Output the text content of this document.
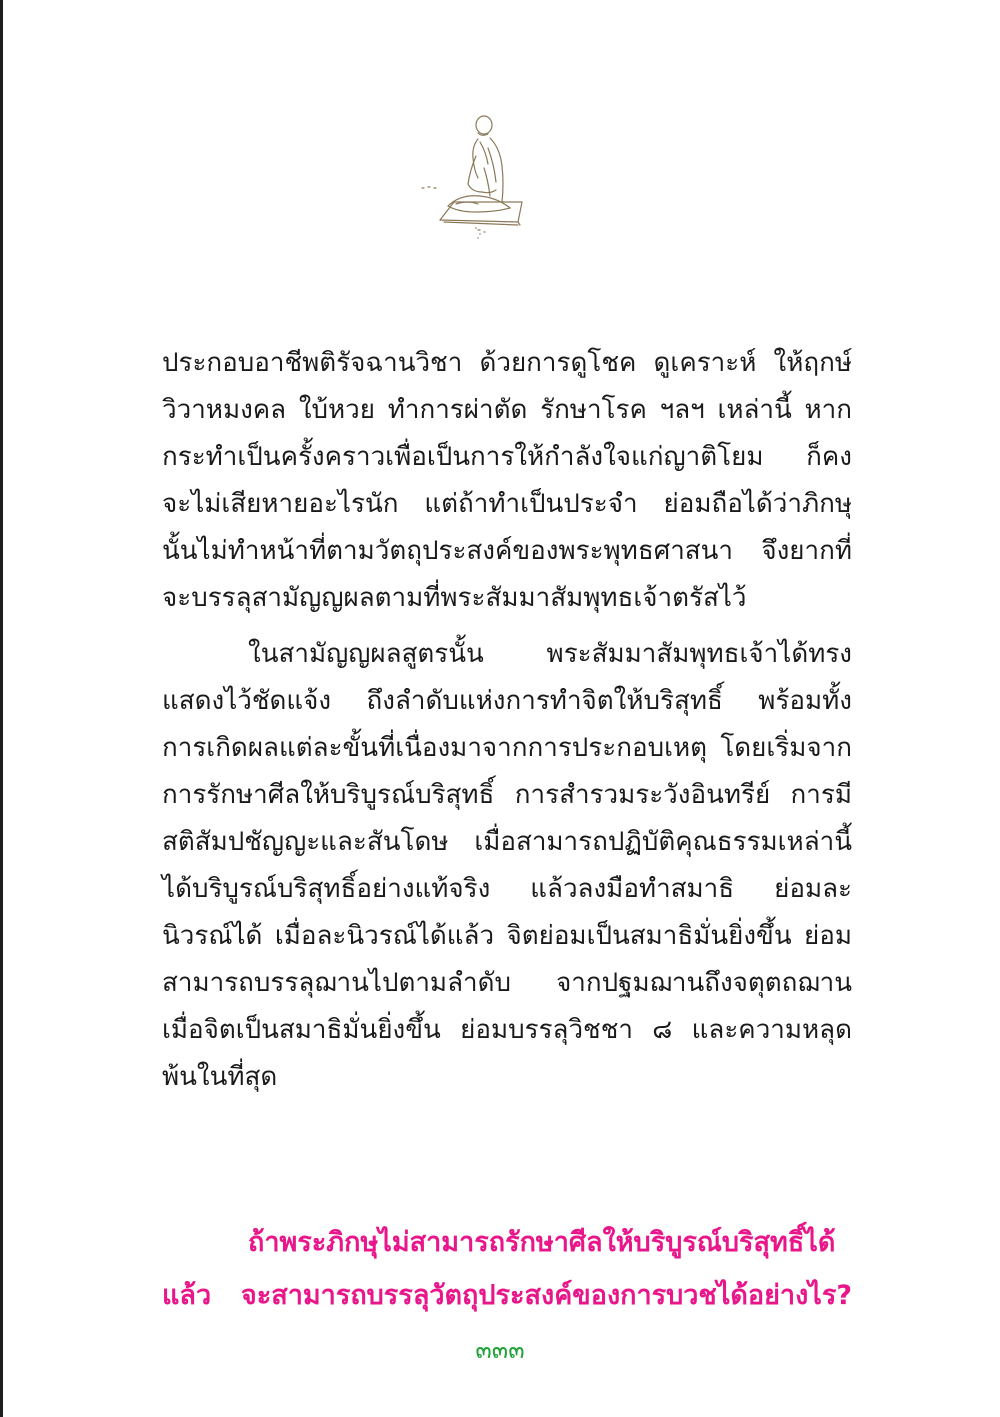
ประกอบอาชีพติรัจฉานวิชา ด้วยการดูโชค ดูเคราะห์ ให้ฤกษ์
วิวาหมงคล ใบ้หวย ทำการผ่าตัด รักษาโรค ฯลฯ เหล่านี้ หาก
กระทำเป็นครั้งคราวเพื่อเป็นการให้กำลังใจแก่ญาติโยม ก็คง
จะไม่เสียหายอะไรนัก แต่ถ้าทำเป็นประจำ ย่อมถือได้ว่าภิกษุ
นั้นไม่ทำหน้าที่ตามวัตถุประสงค์ของพระพุทธศาสนา จึงยากที่
จะบรรลุสามัญญผลตามที่พระสัมมาสัมพุทธเจ้าตรัสไว้

ในสามัญญผลสูตรนั้น พระสัมมาสัมพุทธเจ้าได้ทรง
แสดงไว้ชัดแจ้ง ถึงลำดับแห่งการทำจิตให้บริสุทธิ์ พร้อมทั้ง
การเกิดผลแต่ละขั้นที่เนื่องมาจากการประกอบเหตุ โดยเริ่มจาก
การรักษาศีลให้บริบูรณ์บริสุทธิ์ การสำรวมระวังอินทรีย์ การมี
สติสัมปชัญญะและสันโดษ เมื่อสามารถปฏิบัติคุณธรรมเหล่านี้
ได้บริบูรณ์บริสุทธิ์อย่างแท้จริง แล้วลงมือทำสมาธิ ย่อมละ
นิวรณ์ได้ เมื่อละนิวรณ์ได้แล้ว จิตย่อมเป็นสมาธิมั่นยิ่งขึ้น ย่อม
สามารถบรรลุฌานไปตามลำดับ จากปฐมฌานถึงจตุตถฌาน
เมื่อจิตเป็นสมาธิมั่นยิ่งขึ้น ย่อมบรรลุวิชชา ๘ และความหลุด
พ้นในที่สุด

ถ้าพระภิกษุไม่สามารถรักษาศีลให้บริบูรณ์บริสุทธิ์ได้
แล้ว จะสามารถบรรลุวัตถุประสงค์ของการบวชได้อย่างไร?
๓๓๓
